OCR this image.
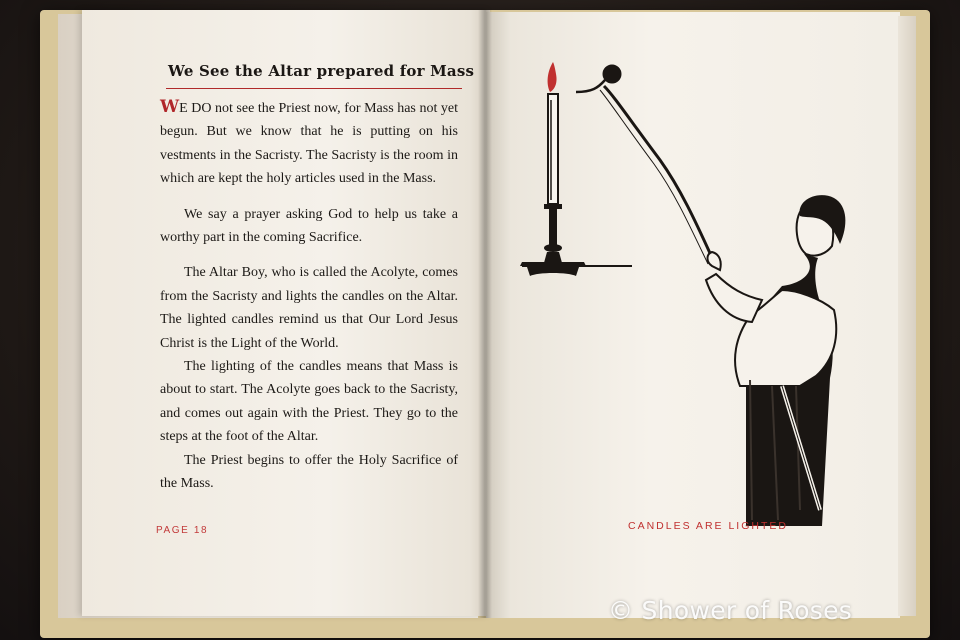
We See the Altar prepared for Mass

WE DO not see the Priest now, for Mass has not yet begun. But we know that he is putting on his vestments in the Sacristy. The Sacristy is the room in which are kept the holy articles used in the Mass.

We say a prayer asking God to help us take a worthy part in the coming Sacrifice.

The Altar Boy, who is called the Acolyte, comes from the Sacristy and lights the candles on the Altar. The lighted candles remind us that Our Lord Jesus Christ is the Light of the World.

The lighting of the candles means that Mass is about to start. The Acolyte goes back to the Sacristy, and comes out again with the Priest. They go to the steps at the foot of the Altar.

The Priest begins to offer the Holy Sacrifice of the Mass.

PAGE 18	CANDLES ARE LIGHTED
© Shower of Roses
